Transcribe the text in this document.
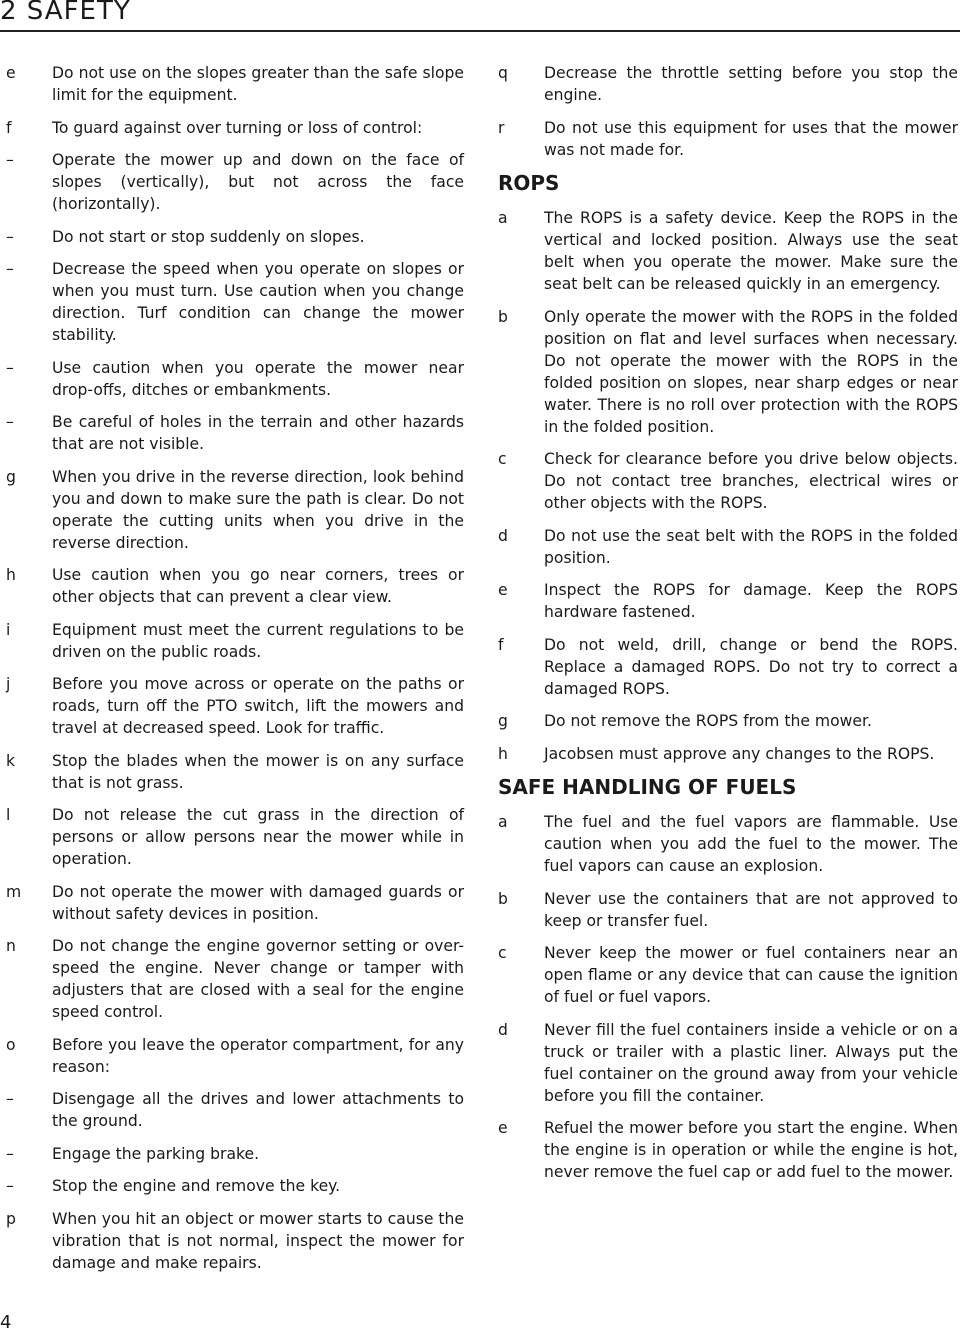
2 SAFETY
e	Do not use on the slopes greater than the safe slope limit for the equipment.
f	To guard against over turning or loss of control:
–	Operate the mower up and down on the face of slopes (vertically), but not across the face (horizontally).
–	Do not start or stop suddenly on slopes.
–	Decrease the speed when you operate on slopes or when you must turn. Use caution when you change direction. Turf condition can change the mower stability.
–	Use caution when you operate the mower near drop-offs, ditches or embankments.
–	Be careful of holes in the terrain and other hazards that are not visible.
g	When you drive in the reverse direction, look behind you and down to make sure the path is clear. Do not operate the cutting units when you drive in the reverse direction.
h	Use caution when you go near corners, trees or other objects that can prevent a clear view.
i	Equipment must meet the current regulations to be driven on the public roads.
j	Before you move across or operate on the paths or roads, turn off the PTO switch, lift the mowers and travel at decreased speed. Look for traffic.
k	Stop the blades when the mower is on any surface that is not grass.
l	Do not release the cut grass in the direction of persons or allow persons near the mower while in operation.
m	Do not operate the mower with damaged guards or without safety devices in position.
n	Do not change the engine governor setting or over-speed the engine. Never change or tamper with adjusters that are closed with a seal for the engine speed control.
o	Before you leave the operator compartment, for any reason:
–	Disengage all the drives and lower attachments to the ground.
–	Engage the parking brake.
–	Stop the engine and remove the key.
p	When you hit an object or mower starts to cause the vibration that is not normal, inspect the mower for damage and make repairs.
q	Decrease the throttle setting before you stop the engine.
r	Do not use this equipment for uses that the mower was not made for.
ROPS
a	The ROPS is a safety device. Keep the ROPS in the vertical and locked position. Always use the seat belt when you operate the mower. Make sure the seat belt can be released quickly in an emergency.
b	Only operate the mower with the ROPS in the folded position on flat and level surfaces when necessary. Do not operate the mower with the ROPS in the folded position on slopes, near sharp edges or near water. There is no roll over protection with the ROPS in the folded position.
c	Check for clearance before you drive below objects. Do not contact tree branches, electrical wires or other objects with the ROPS.
d	Do not use the seat belt with the ROPS in the folded position.
e	Inspect the ROPS for damage. Keep the ROPS hardware fastened.
f	Do not weld, drill, change or bend the ROPS. Replace a damaged ROPS. Do not try to correct a damaged ROPS.
g	Do not remove the ROPS from the mower.
h	Jacobsen must approve any changes to the ROPS.
SAFE HANDLING OF FUELS
a	The fuel and the fuel vapors are flammable. Use caution when you add the fuel to the mower. The fuel vapors can cause an explosion.
b	Never use the containers that are not approved to keep or transfer fuel.
c	Never keep the mower or fuel containers near an open flame or any device that can cause the ignition of fuel or fuel vapors.
d	Never fill the fuel containers inside a vehicle or on a truck or trailer with a plastic liner. Always put the fuel container on the ground away from your vehicle before you fill the container.
e	Refuel the mower before you start the engine. When the engine is in operation or while the engine is hot, never remove the fuel cap or add fuel to the mower.
4
